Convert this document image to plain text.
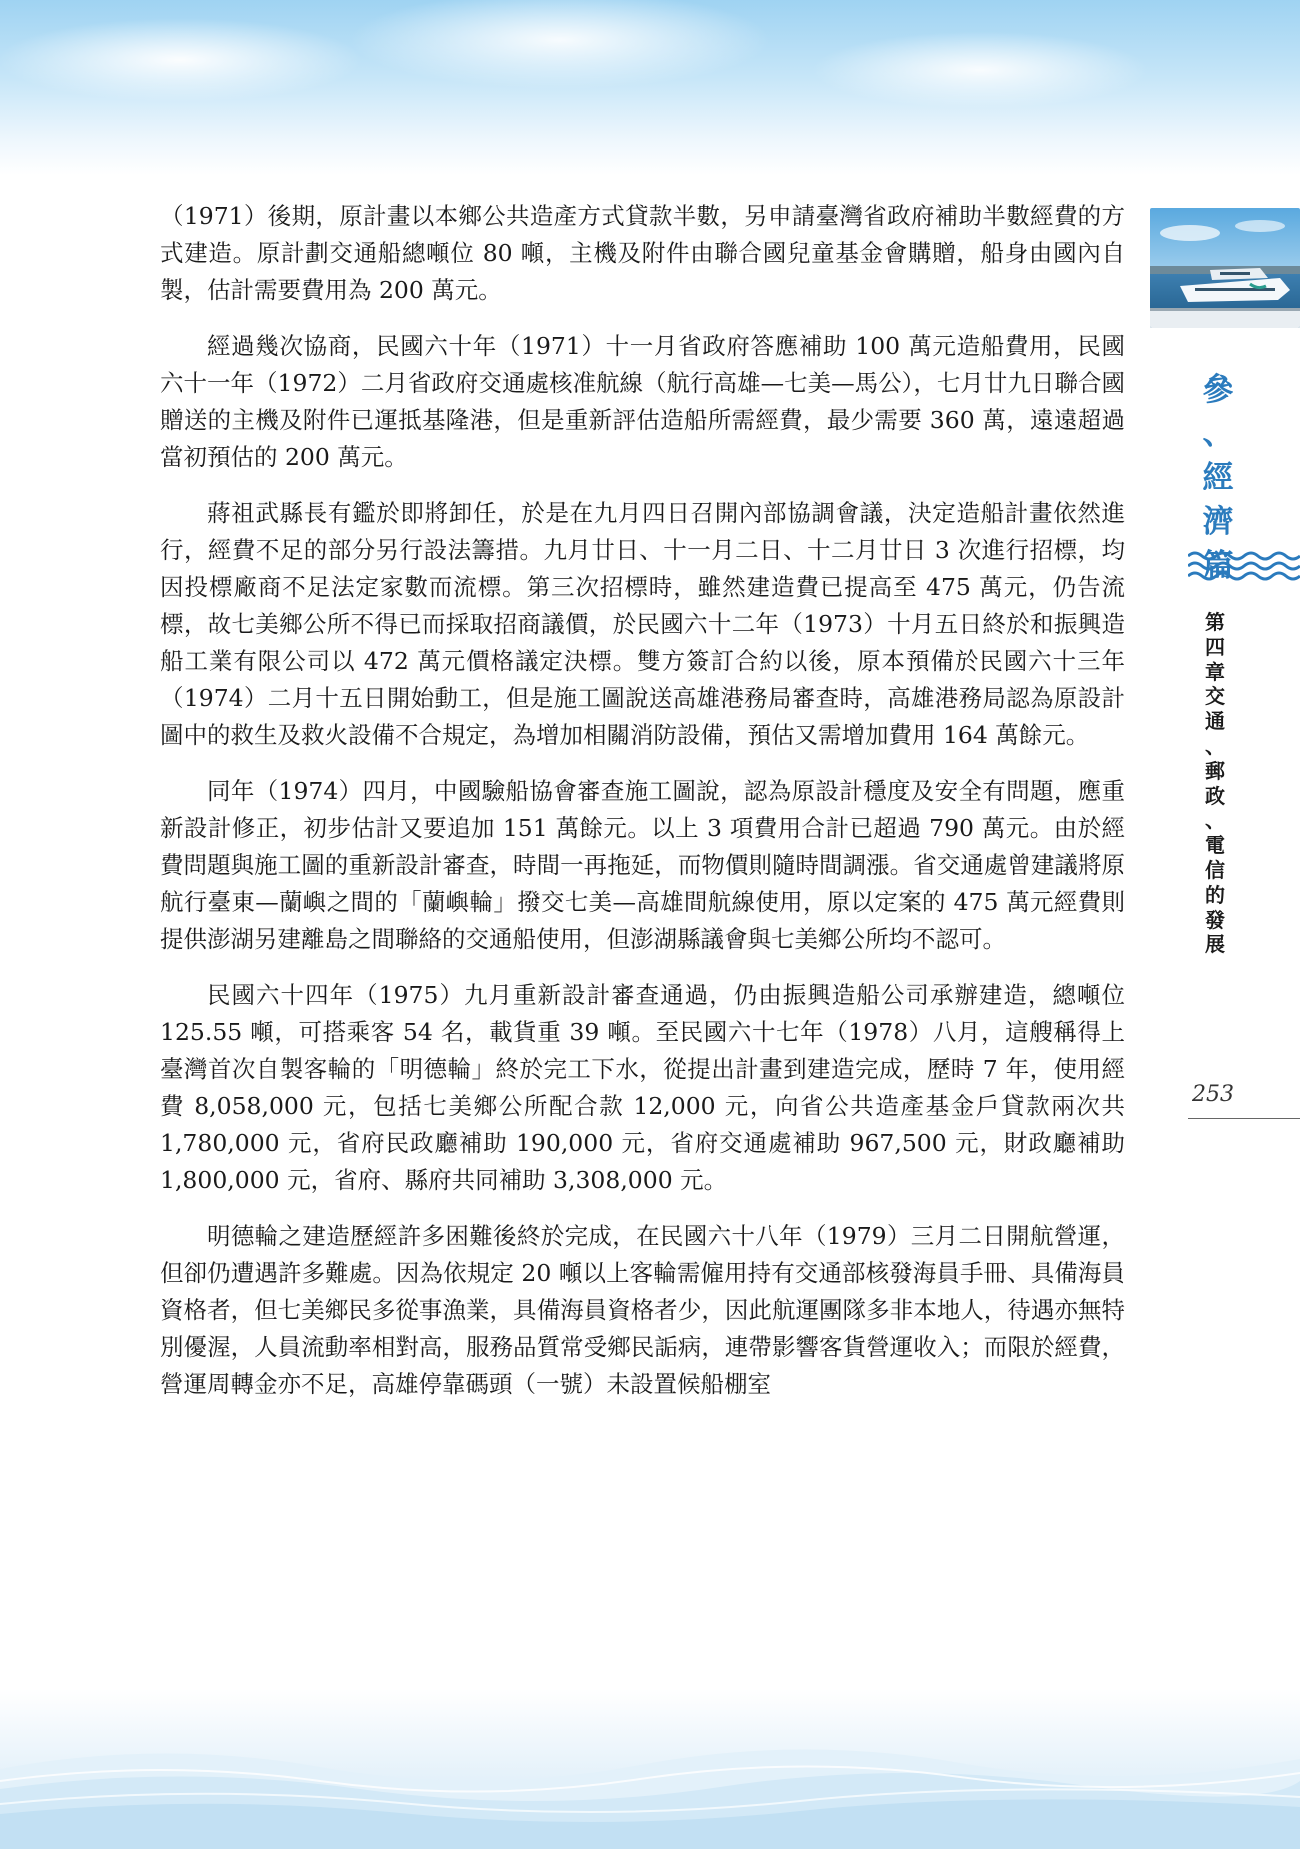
（1971）後期，原計畫以本鄉公共造產方式貸款半數，另申請臺灣省政府補助半數經費的方式建造。原計劃交通船總噸位 80 噸，主機及附件由聯合國兒童基金會購贈，船身由國內自製，估計需要費用為 200 萬元。

經過幾次協商，民國六十年（1971）十一月省政府答應補助 100 萬元造船費用，民國六十一年（1972）二月省政府交通處核准航線（航行高雄—七美—馬公），七月廿九日聯合國贈送的主機及附件已運抵基隆港，但是重新評估造船所需經費，最少需要 360 萬，遠遠超過當初預估的 200 萬元。

蔣祖武縣長有鑑於即將卸任，於是在九月四日召開內部協調會議，決定造船計畫依然進行，經費不足的部分另行設法籌措。九月廿日、十一月二日、十二月廿日 3 次進行招標，均因投標廠商不足法定家數而流標。第三次招標時，雖然建造費已提高至 475 萬元，仍告流標，故七美鄉公所不得已而採取招商議價，於民國六十二年（1973）十月五日終於和振興造船工業有限公司以 472 萬元價格議定決標。雙方簽訂合約以後，原本預備於民國六十三年（1974）二月十五日開始動工，但是施工圖說送高雄港務局審查時，高雄港務局認為原設計圖中的救生及救火設備不合規定，為增加相關消防設備，預估又需增加費用 164 萬餘元。

同年（1974）四月，中國驗船協會審查施工圖說，認為原設計穩度及安全有問題，應重新設計修正，初步估計又要追加 151 萬餘元。以上 3 項費用合計已超過 790 萬元。由於經費問題與施工圖的重新設計審查，時間一再拖延，而物價則隨時間調漲。省交通處曾建議將原航行臺東—蘭嶼之間的「蘭嶼輪」撥交七美—高雄間航線使用，原以定案的 475 萬元經費則提供澎湖另建離島之間聯絡的交通船使用，但澎湖縣議會與七美鄉公所均不認可。

民國六十四年（1975）九月重新設計審查通過，仍由振興造船公司承辦建造，總噸位 125.55 噸，可搭乘客 54 名，載貨重 39 噸。至民國六十七年（1978）八月，這艘稱得上臺灣首次自製客輪的「明德輪」終於完工下水，從提出計畫到建造完成，歷時 7 年，使用經費 8,058,000 元，包括七美鄉公所配合款 12,000 元，向省公共造產基金戶貸款兩次共 1,780,000 元，省府民政廳補助 190,000 元，省府交通處補助 967,500 元，財政廳補助 1,800,000 元，省府、縣府共同補助 3,308,000 元。

明德輪之建造歷經許多困難後終於完成，在民國六十八年（1979）三月二日開航營運，但卻仍遭遇許多難處。因為依規定 20 噸以上客輪需僱用持有交通部核發海員手冊、具備海員資格者，但七美鄉民多從事漁業，具備海員資格者少，因此航運團隊多非本地人，待遇亦無特別優渥，人員流動率相對高，服務品質常受鄉民詬病，連帶影響客貨營運收入；而限於經費，營運周轉金亦不足，高雄停靠碼頭（一號）未設置候船棚室

參
、
經
濟
篇
第
四
章
交
通
、
郵
政
、
電
信
的
發
展
253
